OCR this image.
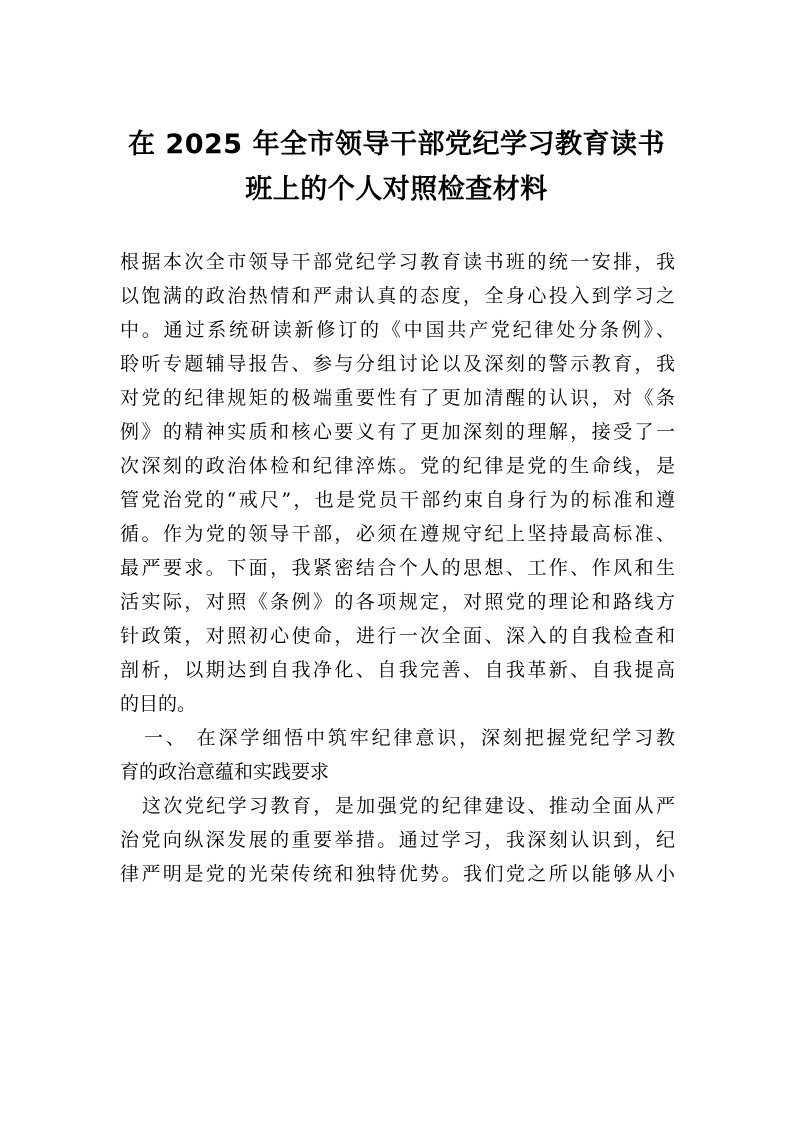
在 2025 年全市领导干部党纪学习教育读书
班上的个人对照检查材料
根据本次全市领导干部党纪学习教育读书班的统一安排，我
以饱满的政治热情和严肃认真的态度，全身心投入到学习之
中。通过系统研读新修订的《中国共产党纪律处分条例》、
聆听专题辅导报告、参与分组讨论以及深刻的警示教育，我
对党的纪律规矩的极端重要性有了更加清醒的认识，对《条
例》的精神实质和核心要义有了更加深刻的理解，接受了一
次深刻的政治体检和纪律淬炼。党的纪律是党的生命线，是
管党治党的“戒尺”，也是党员干部约束自身行为的标准和遵
循。作为党的领导干部，必须在遵规守纪上坚持最高标准、
最严要求。下面，我紧密结合个人的思想、工作、作风和生
活实际，对照《条例》的各项规定，对照党的理论和路线方
针政策，对照初心使命，进行一次全面、深入的自我检查和
剖析，以期达到自我净化、自我完善、自我革新、自我提高
的目的。
一、 在深学细悟中筑牢纪律意识，深刻把握党纪学习教
育的政治意蕴和实践要求
这次党纪学习教育，是加强党的纪律建设、推动全面从严
治党向纵深发展的重要举措。通过学习，我深刻认识到，纪
律严明是党的光荣传统和独特优势。我们党之所以能够从小
